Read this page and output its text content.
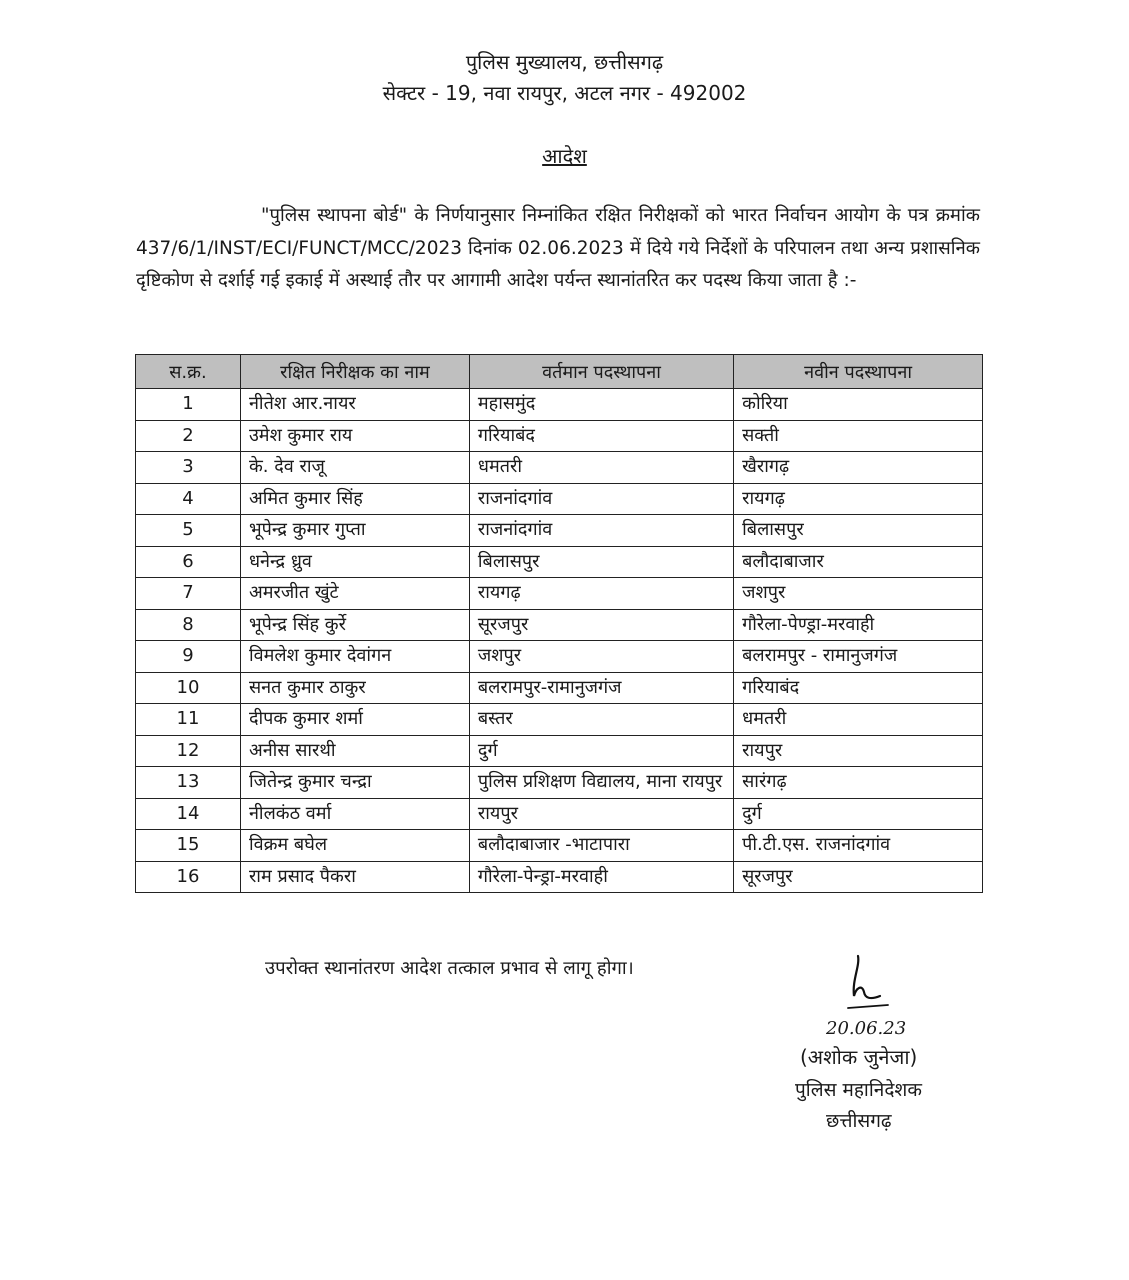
पुलिस मुख्यालय, छत्तीसगढ़
सेक्टर - 19, नवा रायपुर, अटल नगर - 492002
आदेश
"पुलिस स्थापना बोर्ड" के निर्णयानुसार निम्नांकित रक्षित निरीक्षकों को भारत निर्वाचन आयोग के पत्र क्रमांक 437/6/1/INST/ECI/FUNCT/MCC/2023 दिनांक 02.06.2023 में दिये गये निर्देशों के परिपालन तथा अन्य प्रशासनिक दृष्टिकोण से दर्शाई गई इकाई में अस्थाई तौर पर आगामी आदेश पर्यन्त स्थानांतरित कर पदस्थ किया जाता है :-
स.क्र.	रक्षित निरीक्षक का नाम	वर्तमान पदस्थापना	नवीन पदस्थापना
1	नीतेश आर.नायर	महासमुंद	कोरिया
2	उमेश कुमार राय	गरियाबंद	सक्ती
3	के. देव राजू	धमतरी	खैरागढ़
4	अमित कुमार सिंह	राजनांदगांव	रायगढ़
5	भूपेन्द्र कुमार गुप्ता	राजनांदगांव	बिलासपुर
6	धनेन्द्र ध्रुव	बिलासपुर	बलौदाबाजार
7	अमरजीत खुंटे	रायगढ़	जशपुर
8	भूपेन्द्र सिंह कुर्रे	सूरजपुर	गौरेला-पेण्ड्रा-मरवाही
9	विमलेश कुमार देवांगन	जशपुर	बलरामपुर - रामानुजगंज
10	सनत कुमार ठाकुर	बलरामपुर-रामानुजगंज	गरियाबंद
11	दीपक कुमार शर्मा	बस्तर	धमतरी
12	अनीस सारथी	दुर्ग	रायपुर
13	जितेन्द्र कुमार चन्द्रा	पुलिस प्रशिक्षण विद्यालय, माना रायपुर	सारंगढ़
14	नीलकंठ वर्मा	रायपुर	दुर्ग
15	विक्रम बघेल	बलौदाबाजार -भाटापारा	पी.टी.एस. राजनांदगांव
16	राम प्रसाद पैकरा	गौरेला-पेन्ड्रा-मरवाही	सूरजपुर
उपरोक्त स्थानांतरण आदेश तत्काल प्रभाव से लागू होगा।
20.06.23
(अशोक जुनेजा)
पुलिस महानिदेशक
छत्तीसगढ़
